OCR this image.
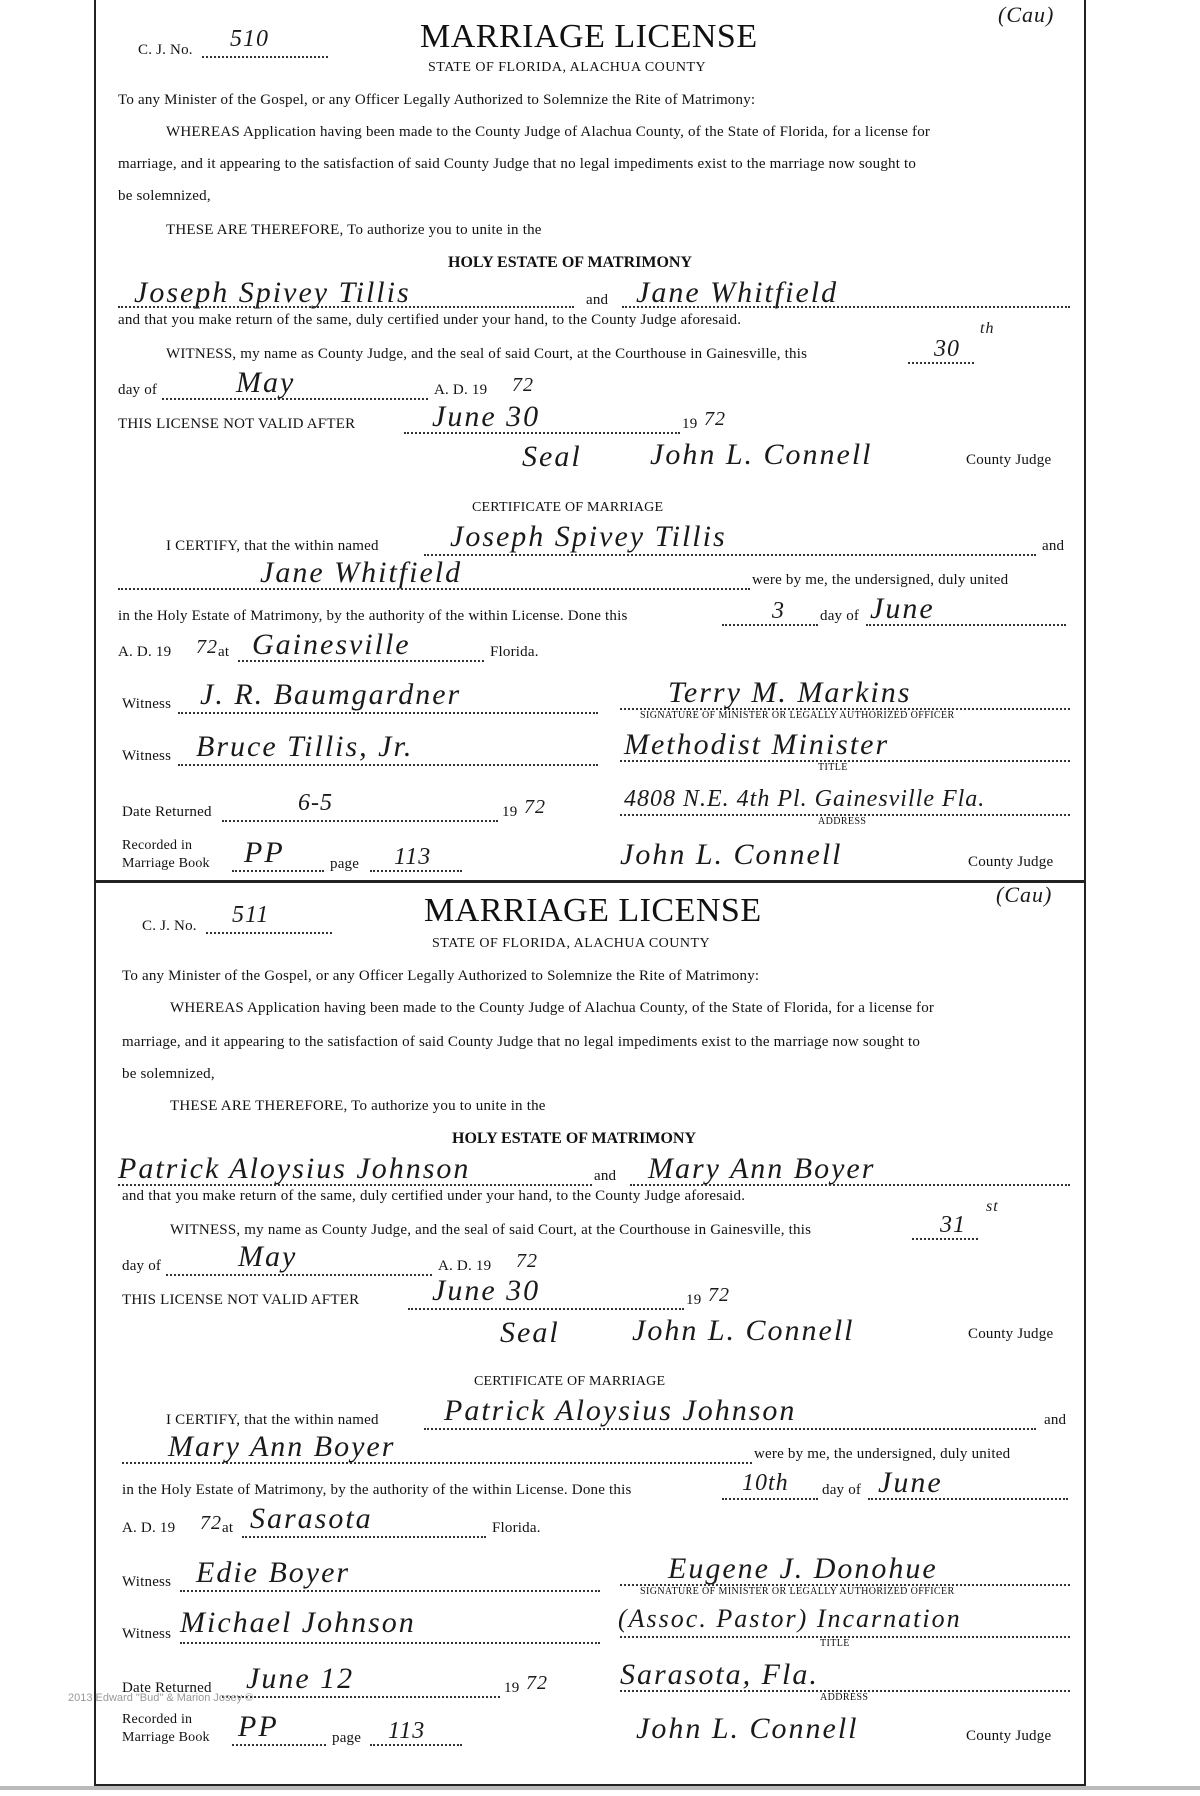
C. J. No. 510
(Cau)
MARRIAGE LICENSE
STATE OF FLORIDA, ALACHUA COUNTY
To any Minister of the Gospel, or any Officer Legally Authorized to Solemnize the Rite of Matrimony:
WHEREAS Application having been made to the County Judge of Alachua County, of the State of Florida, for a license for
marriage, and it appearing to the satisfaction of said County Judge that no legal impediments exist to the marriage now sought to
be solemnized,
THESE ARE THEREFORE, To authorize you to unite in the
HOLY ESTATE OF MATRIMONY
Joseph Spivey Tillis	and Jane Whitfield
and that you make return of the same, duly certified under your hand, to the County Judge aforesaid.
WITNESS, my name as County Judge, and the seal of said Court, at the Courthouse in Gainesville, this	30
th
day of	May	A. D. 19 72
THIS LICENSE NOT VALID AFTER	June 30	19 72
Seal John L. Connell	County Judge
CERTIFICATE OF MARRIAGE
I CERTIFY, that the within named Joseph Spivey Tillis	and
Jane Whitfield	were by me, the undersigned, duly united
in the Holy Estate of Matrimony, by the authority of the within License. Done this	3 day of June
A. D. 19 72 at Gainesville	Florida.
Witness J. R. Baumgardner	Terry M. Markins
SIGNATURE OF MINISTER OR LEGALLY AUTHORIZED OFFICER
Witness Bruce Tillis, Jr.	Methodist Minister
TITLE
Date Returned	6-5	19 72	4808 N.E. 4th Pl. Gainesville Fla.
ADDRESS
Recorded in
Marriage Book PP	page 113	John L. Connell	County Judge
C. J. No. 511
(Cau)
MARRIAGE LICENSE
STATE OF FLORIDA, ALACHUA COUNTY
To any Minister of the Gospel, or any Officer Legally Authorized to Solemnize the Rite of Matrimony:
WHEREAS Application having been made to the County Judge of Alachua County, of the State of Florida, for a license for
marriage, and it appearing to the satisfaction of said County Judge that no legal impediments exist to the marriage now sought to
be solemnized,
THESE ARE THEREFORE, To authorize you to unite in the
HOLY ESTATE OF MATRIMONY
Patrick Aloysius Johnson	and Mary Ann Boyer
and that you make return of the same, duly certified under your hand, to the County Judge aforesaid.
WITNESS, my name as County Judge, and the seal of said Court, at the Courthouse in Gainesville, this	31
st
day of	May	A. D. 19 72
THIS LICENSE NOT VALID AFTER June 30	19 72
Seal John L. Connell	County Judge
CERTIFICATE OF MARRIAGE
I CERTIFY, that the within named Patrick Aloysius Johnson	and
Mary Ann Boyer	were by me, the undersigned, duly united
in the Holy Estate of Matrimony, by the authority of the within License. Done this	10th day of June
A. D. 19 72 at Sarasota	Florida.
Witness Edie Boyer	Eugene J. Donohue
SIGNATURE OF MINISTER OR LEGALLY AUTHORIZED OFFICER
Witness Michael Johnson	(Assoc. Pastor) Incarnation
TITLE
Date Returned June 12	19 72 Sarasota, Fla.
ADDRESS
Recorded in
Marriage Book PP	page 113	John L. Connell	County Judge
2013 Edward "Bud" & Marion Josey ©
